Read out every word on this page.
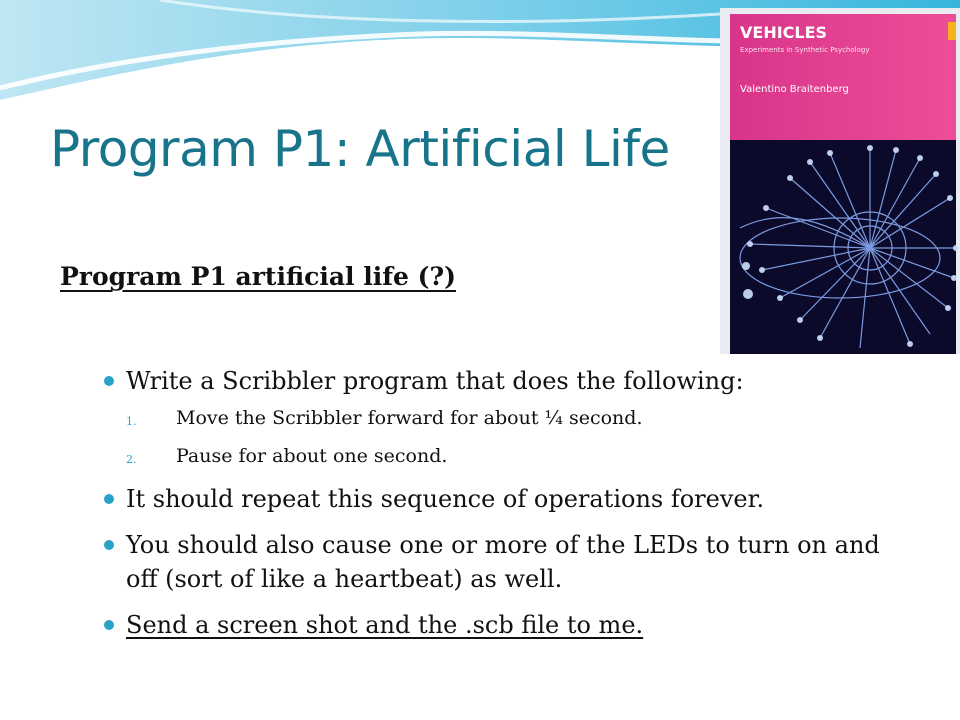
Program P1: Artificial Life
Program P1 artificial life (?)
Write a Scribbler program that does the following:
1. Move the Scribbler forward for about ¼ second.
2. Pause for about one second.
It should repeat this sequence of operations forever.
You should also cause one or more of the LEDs to turn on and off (sort of like a heartbeat) as well.
Send a screen shot and the .scb file to me.
VEHICLES
Experiments in Synthetic Psychology
Valentino Braitenberg
